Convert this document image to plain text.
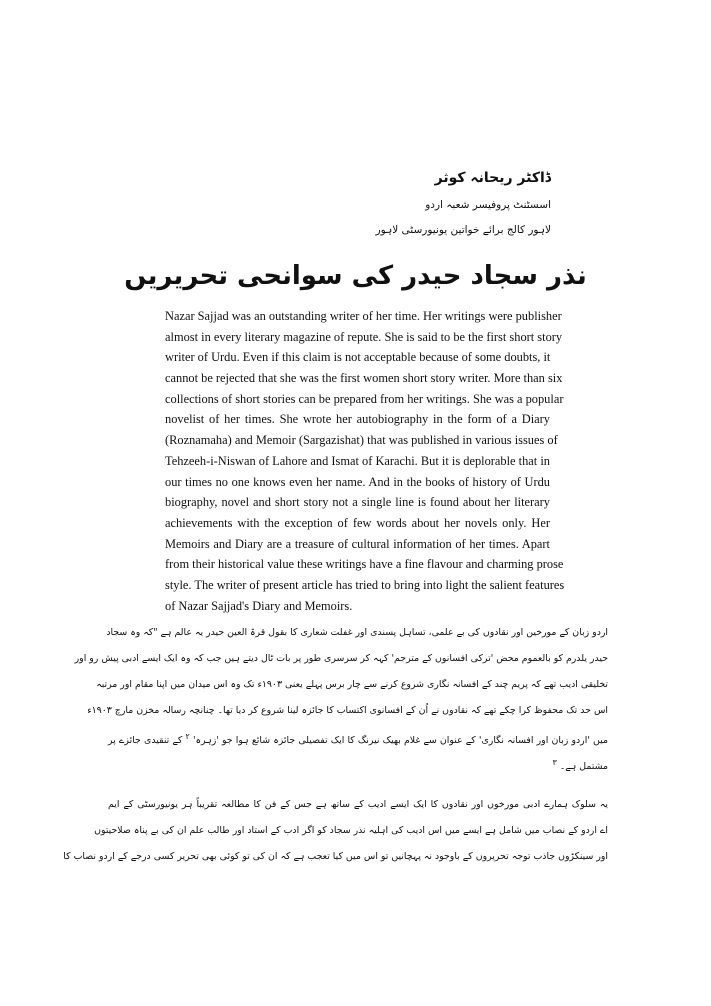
ڈاکٹر ریحانہ کوثر
اسسٹنٹ پروفیسر شعبہ اردو
لاہور کالج برائے خواتین یونیورسٹی لاہور
نذر سجاد حیدر کی سوانحی تحریریں
Nazar Sajjad was an outstanding writer of her time. Her writings were publisher
almost in every literary magazine of repute. She is said to be the first short story
writer of Urdu. Even if this claim is not acceptable because of some doubts, it
cannot be rejected that she was the first women short story writer. More than six
collections of short stories can be prepared from her writings. She was a popular
novelist of her times. She wrote her autobiography in the form of a Diary
(Roznamaha) and Memoir (Sargazishat) that was published in various issues of
Tehzeeh-i-Niswan of Lahore and Ismat of Karachi. But it is deplorable that in
our times no one knows even her name. And in the books of history of Urdu
biography, novel and short story not a single line is found about her literary
achievements with the exception of few words about her novels only. Her
Memoirs and Diary are a treasure of cultural information of her times. Apart
from their historical value these writings have a fine flavour and charming prose
style. The writer of present article has tried to bring into light the salient features
of Nazar Sajjad's Diary and Memoirs.

اردو زبان کے مورخین اور نقادوں کی بے علمی، تساہل پسندی اور غفلت شعاری کا بقول قرۃ العین حیدر یہ عالم ہے "کہ وہ سجاد
حیدر یلدرم کو بالعموم محض 'ترکی افسانوں کے مترجم' کہہ کر سرسری طور پر بات ٹال دیتے ہیں جب کہ وہ ایک ایسے ادبی پیش رو اور
تخلیقی ادیب تھے کہ پریم چند کے افسانہ نگاری شروع کرنے سے چار برس پہلے یعنی ۱۹۰۳ء تک وہ اس میدان میں اپنا مقام اور مرتبہ
اس حد تک محفوظ کرا چکے تھے کہ نقادوں نے اُن کے افسانوی اکتساب کا جائزہ لینا شروع کر دیا تھا۔ چنانچہ رسالہ مخزن مارچ ۱۹۰۳ء
میں 'اردو زبان اور افسانہ نگاری' کے عنوان سے غلام بھیک نیرنگ کا ایک تفصیلی جائزہ شائع ہوا جو 'زہرہ' $^۲$ کے تنقیدی جائزے پر
مشتمل ہے۔ $^۳$

یہ سلوک ہمارے ادبی مورخوں اور نقادوں کا ایک ایسے ادیب کے ساتھ ہے جس کے فن کا مطالعہ تقریباً ہر یونیورسٹی کے ایم
اے اردو کے نصاب میں شامل ہے ایسے میں اس ادیب کی اہلیہ نذر سجاد کو اگر ادب کے استاد اور طالب علم ان کی بے پناہ صلاحیتوں
اور سینکڑوں جاذب توجہ تحریروں کے باوجود نہ پہچانیں تو اس میں کیا تعجب ہے کہ ان کی تو کوئی بھی تحریر کسی درجے کے اردو نصاب کا
